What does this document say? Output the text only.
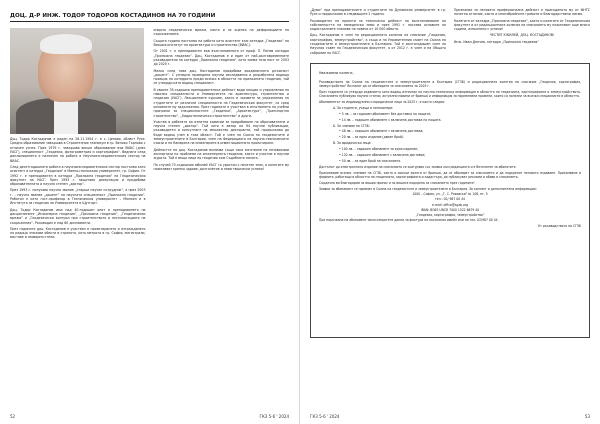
ДОЦ. Д-Р ИНЖ. ТОДОР ТОДОРОВ КОСТАДИНОВ НА 70 ГОДИНИ

Доц. Тодор Костадинов е роден на 28.11.1954 г. в с. Ценово, област Русе. Средно образование завършва в Строителния техникум в гр. Велико Търново с отличен успех. През 1979 г. завършва висше образование във ВИАС (днес УАСГ), специалност „Геодезия, фотограметрия и картография“. Веднага след дипломирането е назначен на работа в Научноизследователския сектор на ВИАС.

След десетгодишната работа в научноизследователския сектор постъпва като асистент в катедра „Геодезия“ в Минно-геоложкия университет, гр. София. От 1992 г. е преподавател в катедра „Приложна геодезия“ на Геодезическия факултет на УАСГ. През 1993 г. защитава дисертация и придобива образователната и научна степен „доктор“.

През 1993 г. получава научно звание „старши научен сътрудник“, а през 2003 г. – научно звание „доцент“ по научната специалност „Приложна геодезия“. Работил е като гост-професор в Техническия университет – Мюнхен и в Института за геодезия на Университета в Щутгарт.

Доц. Тодор Костадинов има над 40-годишен опит в преподаването на дисциплините „Инженерна геодезия“, „Приложна геодезия“, „Геодезически мрежи“ и „Геодезически контрол при строителството и експлоатацията на съоръжения“. Ръководил е над 60 дипломанти.

През годините доц. Костадинов е участвал в проектирането и изграждането на редица значими обекти в страната, като метрото в гр. София, магистрали, мостове и язовирни стени.

опорни геодезически мрежи, както и за оценка на деформациите на съоръженията.

Същата година постъпва на работа като асистент към катедра „Геодезия“ на Висшия институт по архитектура и строителство (ВИАС).

От 2001 г. е преподавател във възстановената от проф. П. Пенев катедра „Приложна геодезия“. Доц. Костадинов е и един от най-дълговременните ръководители на катедра „Приложна геодезия“, като заема този пост от 2003 до 2020 г.

Малко след това доц. Костадинов придобива академичната длъжност „доцент“. С успешно проведени научни изследвания и разработена водеща позиция на катедрата преди всичко в областта на приложната геодезия, той се утвърди като водещ специалист.

В своите 35-годишна преподавателска дейност води лекции и упражнения на няколко специалности в Университета по архитектура, строителство и геодезия (УАСГ). Лекционните курсове, както и часовете за упражнения на студентите от различни специалности на Геодезическия факултет, са сред основните му задължения. През годините е участвал в изготвянето на учебни програми за специалностите „Геодезия“, „Архитектура“, „Транспортно строителство“, „Хидротехническо строителство“ и други.

Участва в работата на изпитни комисии за придобиване на образователна и научна степен „доктор“. Тъй като е автор на 94 научни публикации, ръководител и консултант на множество докторанти, той продължава да бъде водещ учен в тази област. Той е член на Съюза на геодезистите и земеустроителите в България, член на Федерацията на научно-техническите съюзи и на Камарата на инженерите в инвестиционното проектиране.

Дейността на доц. Костадинов включва също така изготвяне на независими експертизи по проблеми на инженерната геодезия, както и участие в научни журита. Той е вещо лице по геодезия към Съдебната палата.

По случай 70-годишния юбилей УАСГ го удостои с почетен знак, а колегите му пожелават крепко здраве, дълголетие и нови творчески успехи!

52	ГКЗ 5-6 ' 2024

„Думи“ при преподавателите и студентите на Дунавския университет в гр. Русе и продължава в следващите 2 години.

Ръководител на проекти за техническа дейност по възстановяване на собствеността на земеделски земи и през 1991 г. поставя основите на кадастралните планове на повече от 10 000 обекта.

Доц. Костадинов е член на редакционната колегия на списание „Геодезия, картография, земеустройство“, а също и на Управителния съвет на Съюза на геодезистите и земеустроителите в България. Той е дългогодишен член на Научния съвет на Геодезическия факултет, а от 2012 г. е член и на Общото събрание на УАСГ.

Признание за неговата професионална дейност е присъденото му от ФНТС почетно отличие, както и многобройните грамоти и благодарствени писма.

Колегите от катедра „Приложна геодезия“, както и колегите от Геодезическия факултет и от редакционната колегия на списанието му пожелават още много години, изпълнени с успехи!

ЧЕСТИТ ЮБИЛЕЙ, ДОЦ. КОСТАДИНОВ!

Инж. Иван Денчев, катедра „Приложна геодезия“

Уважаеми колеги,

Ръководството на Съюза на геодезистите и земеустроителите в България (СГЗБ) и редакционната колегия на списание „Геодезия, картография, земеустройство“ Ви канят да се абонирате за списанието за 2025 г.

През годините се утвърди изданието като водещ източник на научно-техническа информация в областта на геодезията, картографията и земеустройството. Списанието публикува научни статии, актуални новини от бранша и информация за нормативни промени, които са полезни за всички специалисти в областта.

Абонаментът за индивидуални и юридически лица за 2025 г. е както следва:

А. За студенти, учащи и пенсионери:

• 5 лв. – за годишен абонамент без доставка по пощата;

• 14 лв. – годишен абонамент с включена доставка по пощата.

Б. За членове на СГЗБ:

• 48 лв. – годишен абонамент с включена доставка;

• 20 лв. – за едно издание (двоен брой).

В. За юридически лица:

• 100 лв. – годишен абонамент за едно издание;

• 120 лв. – годишен абонамент с включена доставка;

• 50 лв. – за един брой на списанието.

Достъпът до електронното издание на списанието се осигурява със заявка към редакцията и е безплатен за абонатите.

Приканваме всички членове на СГЗБ, както и всички колеги от бранша, да се абонират за списанието и да подкрепят неговото издаване. Приканваме и фирмите, работещи в областта на геодезията, картографията и кадастъра, да публикуват реклами и обяви в списанието.

Сърдечно ви благодарим за вашия принос и за вашата подкрепа за списанието през годините!

Заявки за абонамент се приемат в Съюза на геодезистите и земеустроителите в България. За контакт и допълнителна информация:

1000 – София, ул. „Г. С. Раковски“ № 108, ет. 5

тел.: 02/ 987 00 44

e-mail: office@sgzb.org

IBAN: BG63 UNCR 7000 1522 6679 40

„Геодезия, картография, земеустройство“

При поръчване на абонамент моля изпратете данни за фактура на посочения имейл или на тел. 02/987 00 44.

От ръководството на СГЗБ

ГКЗ 5-6 ' 2024	53
